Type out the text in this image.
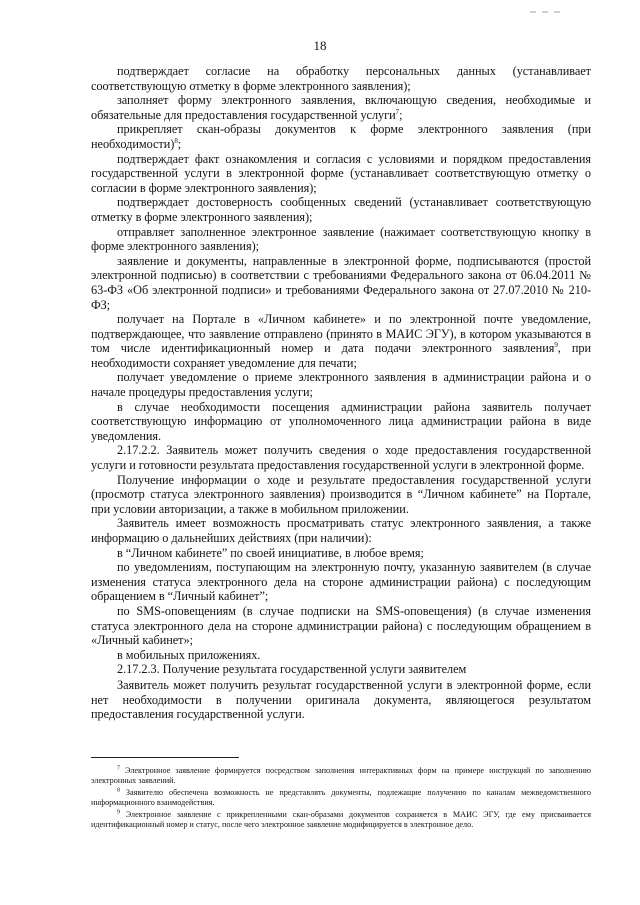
18

подтверждает согласие на обработку персональных данных (устанавливает соответствующую отметку в форме электронного заявления);

заполняет форму электронного заявления, включающую сведения, необходимые и обязательные для предоставления государственной услуги$^7$;

прикрепляет скан-образы документов к форме электронного заявления (при необходимости)$^8$;

подтверждает факт ознакомления и согласия с условиями и порядком предоставления государственной услуги в электронной форме (устанавливает соответствующую отметку о согласии в форме электронного заявления);

подтверждает достоверность сообщенных сведений (устанавливает соответствующую отметку в форме электронного заявления);

отправляет заполненное электронное заявление (нажимает соответствующую кнопку в форме электронного заявления);

заявление и документы, направленные в электронной форме, подписываются (простой электронной подписью) в соответствии с требованиями Федерального закона от 06.04.2011 № 63-ФЗ «Об электронной подписи» и требованиями Федерального закона от 27.07.2010 № 210-ФЗ;

получает на Портале в «Личном кабинете» и по электронной почте уведомление, подтверждающее, что заявление отправлено (принято в МАИС ЭГУ), в котором указываются в том числе идентификационный номер и дата подачи электронного заявления$^9$, при необходимости сохраняет уведомление для печати;

получает уведомление о приеме электронного заявления в администрации района и о начале процедуры предоставления услуги;

в случае необходимости посещения администрации района заявитель получает соответствующую информацию от уполномоченного лица администрации района в виде уведомления.

2.17.2.2. Заявитель может получить сведения о ходе предоставления государственной услуги и готовности результата предоставления государственной услуги в электронной форме.

Получение информации о ходе и результате предоставления государственной услуги (просмотр статуса электронного заявления) производится в “Личном кабинете” на Портале, при условии авторизации, а также в мобильном приложении.

Заявитель имеет возможность просматривать статус электронного заявления, а также информацию о дальнейших действиях (при наличии):

в “Личном кабинете” по своей инициативе, в любое время;

по уведомлениям, поступающим на электронную почту, указанную заявителем (в случае изменения статуса электронного дела на стороне администрации района) с последующим обращением в “Личный кабинет”;

по SMS-оповещениям (в случае подписки на SMS-оповещения) (в случае изменения статуса электронного дела на стороне администрации района) с последующим обращением в «Личный кабинет»;

в мобильных приложениях.

2.17.2.3. Получение результата государственной услуги заявителем

Заявитель может получить результат государственной услуги в электронной форме, если нет необходимости в получении оригинала документа, являющегося результатом предоставления государственной услуги.

$^7$ Электронное заявление формируется посредством заполнения интерактивных форм на примере инструкций по заполнению электронных заявлений.

$^8$ Заявителю обеспечена возможность не представлять документы, подлежащие получению по каналам межведомственного информационного взаимодействия.

$^9$ Электронное заявление с прикрепленными скан-образами документов сохраняется в МАИС ЭГУ, где ему присваивается идентификационный номер и статус, после чего электронное заявление модифицируется в электронное дело.
